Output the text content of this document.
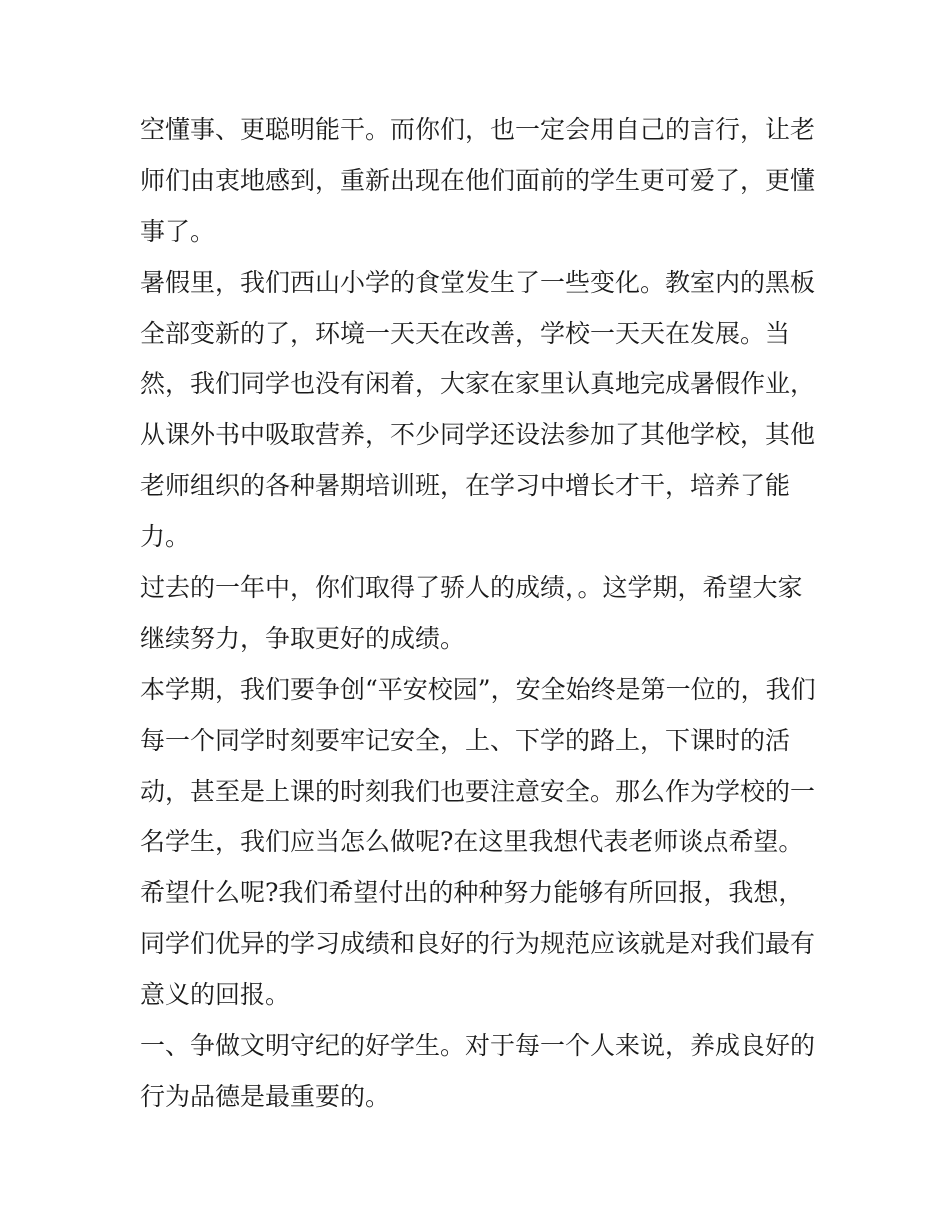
空懂事、更聪明能干。而你们，也一定会用自己的言行，让老
师们由衷地感到，重新出现在他们面前的学生更可爱了，更懂
事了。
暑假里，我们西山小学的食堂发生了一些变化。教室内的黑板
全部变新的了，环境一天天在改善，学校一天天在发展。当
然，我们同学也没有闲着，大家在家里认真地完成暑假作业，
从课外书中吸取营养，不少同学还设法参加了其他学校，其他
老师组织的各种暑期培训班，在学习中增长才干，培养了能
力。
过去的一年中，你们取得了骄人的成绩，。这学期，希望大家
继续努力，争取更好的成绩。
本学期，我们要争创“平安校园”，安全始终是第一位的，我们
每一个同学时刻要牢记安全，上、下学的路上，下课时的活
动，甚至是上课的时刻我们也要注意安全。那么作为学校的一
名学生，我们应当怎么做呢?在这里我想代表老师谈点希望。
希望什么呢?我们希望付出的种种努力能够有所回报，我想，
同学们优异的学习成绩和良好的行为规范应该就是对我们最有
意义的回报。
一、争做文明守纪的好学生。对于每一个人来说，养成良好的
行为品德是最重要的。
